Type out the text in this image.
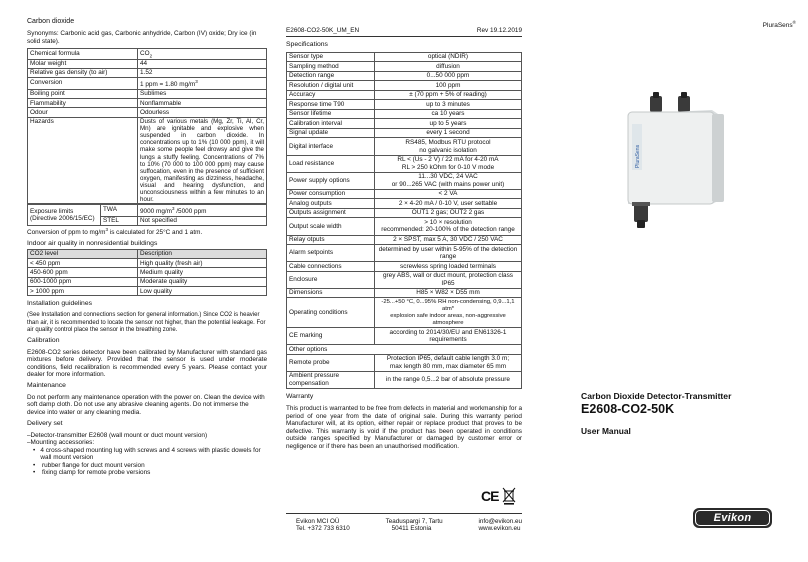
Carbon dioxide
Synonyms: Carbonic acid gas, Carbonic anhydride, Carbon (IV) oxide; Dry ice (in solid state).
Chemical formula	$CO_2$
Molar weight	44
Relative gas density (to air)	1.52
Conversion	1 ppm = 1.80 $mg/m^3$
Boiling point	Sublimes
Flammability	Nonflammable
Odour	Odourless
Hazards	Dusts of various metals (Mg, Zr, Ti, Al, Cr, Mn) are ignitable and explosive when suspended in carbon dioxide. In concentrations up to 1% (10 000 ppm), it will make some people feel drowsy and give the lungs a stuffy feeling. Concentrations of 7% to 10% (70 000 to 100 000 ppm) may cause suffocation, even in the presence of sufficient oxygen, manifesting as dizziness, headache, visual and hearing dysfunction, and unconsciousness within a few minutes to an hour.
Exposure limits (Directive 2006/15/EC)	TWA	9000 $mg/m^3$ /5000 ppm
	STEL	Not specified
Conversion of ppm to $mg/m^3$ is calculated for 25°C and 1 atm.
Indoor air quality in nonresidential buildings
CO2 level	Description
< 450 ppm	High quality (fresh air)
450-600 ppm	Medium quality
600-1000 ppm	Moderate quality
> 1000 ppm	Low quality
Installation guidelines
(See Installation and connections section for general information.) Since CO2 is heavier than air, it is recommended to locate the sensor not higher, than the potential leakage. For air quality control place the sensor in the breathing zone.
Calibration
E2608-CO2 series detector have been calibrated by Manufacturer with standard gas mixtures before delivery. Provided that the sensor is used under moderate conditions, field recalibration is recommended every 5 years. Please contact your dealer for more information.
Maintenance
Do not perform any maintenance operation with the power on. Clean the device with soft damp cloth. Do not use any abrasive cleaning agents. Do not immerse the device into water or any cleaning media.
Delivery set
–Detector-transmitter E2608 (wall mount or duct mount version)
–Mounting accessories:
• 4 cross-shaped mounting lug with screws and 4 screws with plastic dowels for wall mount version
•	rubber flange for duct mount version
•	fixing clamp for remote probe versions
E2608-CO2-50K_UM_EN	Rev 19.12.2019
Specifications
Sensor type	optical (NDIR)
Sampling method	diffusion
Detection range	0...50 000 ppm
Resolution / digital unit	100 ppm
Accuracy	± (70 ppm + 5% of reading)
Response time T90	up to 3 minutes
Sensor lifetime	ca 10 years
Calibration interval	up to 5 years
Signal update	every 1 second
Digital interface	RS485, Modbus RTU protocol
no galvanic isolation

Load resistance	RL < (Us - 2 V) / 22 mA for 4-20 mA
RL > 250 kOhm for 0-10 V mode

Power supply options	11...30 VDC, 24 VAC
or 90...265 VAC (with mains power unit)

Power consumption	< 2 VA
Analog outputs	2 × 4-20 mA / 0-10 V, user settable
Outputs assignment	OUT1 2 gas; OUT2 2 gas
Output scale width	> 10 × resolution
recommended: 20-100% of the detection range

Relay otputs	2 × SPST, max 5 A, 30 VDC / 250 VAC
Alarm setpoints	determined by user within 5-95% of the detection range
Cable connections	screwless spring loaded terminals
Enclosure	grey ABS, wall or duct mount, protection class IP65
Dimensions	H85 × W82 × D55 mm
Operating conditions	-25...+50 °C, 0...95% RH non-condensing, 0,9...1,1 atm*
explosion safe indoor areas, non-aggressive atmosphere

CE marking	according to 2014/30/EU and EN61326-1 requirements
Other options	
Remote probe	Protection IP65, default cable length 3.0 m;
max length 80 mm, max diameter 65 mm

Ambient pressure compensation	in the range 0,5...2 bar of absolute pressure
Warranty
This product is warranted to be free from defects in material and workmanship for a period of one year from the date of original sale. During this warranty period Manufacturer will, at its option, either repair or replace product that proves to be defective. This warranty is void if the product has been operated in conditions outside ranges specified by Manufacturer or damaged by customer error or negligence or if there has been an unauthorised modification.
CE
Evikon MCI OÜ
Tel. +372 733 6310
Teaduspargi 7, Tartu
50411 Estonia
info@evikon.eu
www.evikon.eu
PluraSens®
PluraSens
Carbon Dioxide Detector-Transmitter
E2608-CO2-50K
User Manual
Evikon
